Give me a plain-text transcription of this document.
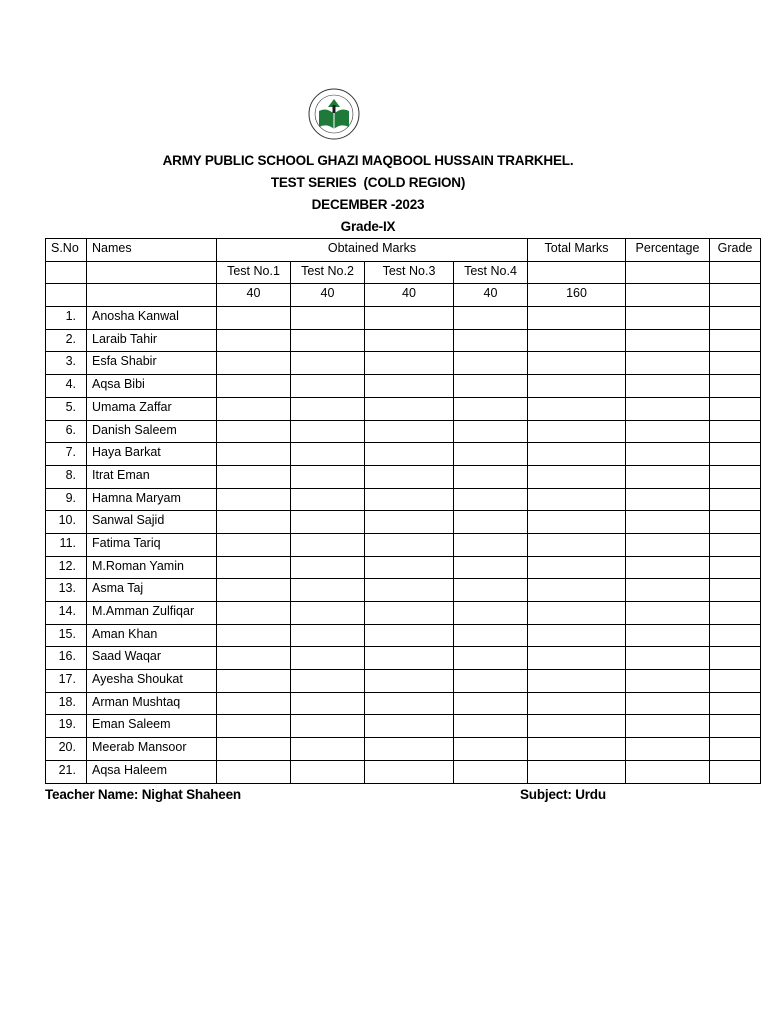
ARMY PUBLIC SCHOOL GHAZI MAQBOOL HUSSAIN TRARKHEL.
TEST SERIES  (COLD REGION)
DECEMBER -2023
Grade-IX
S.No	Names	Obtained Marks				Total Marks	Percentage	Grade
		Test No.1	Test No.2	Test No.3	Test No.4			
		40	40	40	40	160		
1.	Anosha Kanwal							
2.	Laraib Tahir							
3.	Esfa Shabir							
4.	Aqsa Bibi							
5.	Umama Zaffar							
6.	Danish Saleem							
7.	Haya Barkat							
8.	Itrat Eman							
9.	Hamna Maryam							
10.	Sanwal Sajid							
11.	Fatima Tariq							
12.	M.Roman Yamin							
13.	Asma Taj							
14.	M.Amman Zulfiqar							
15.	Aman Khan							
16.	Saad Waqar							
17.	Ayesha Shoukat							
18.	Arman Mushtaq							
19.	Eman Saleem							
20.	Meerab Mansoor							
21.	Aqsa Haleem							
Teacher Name: Nighat Shaheen	Subject: Urdu
